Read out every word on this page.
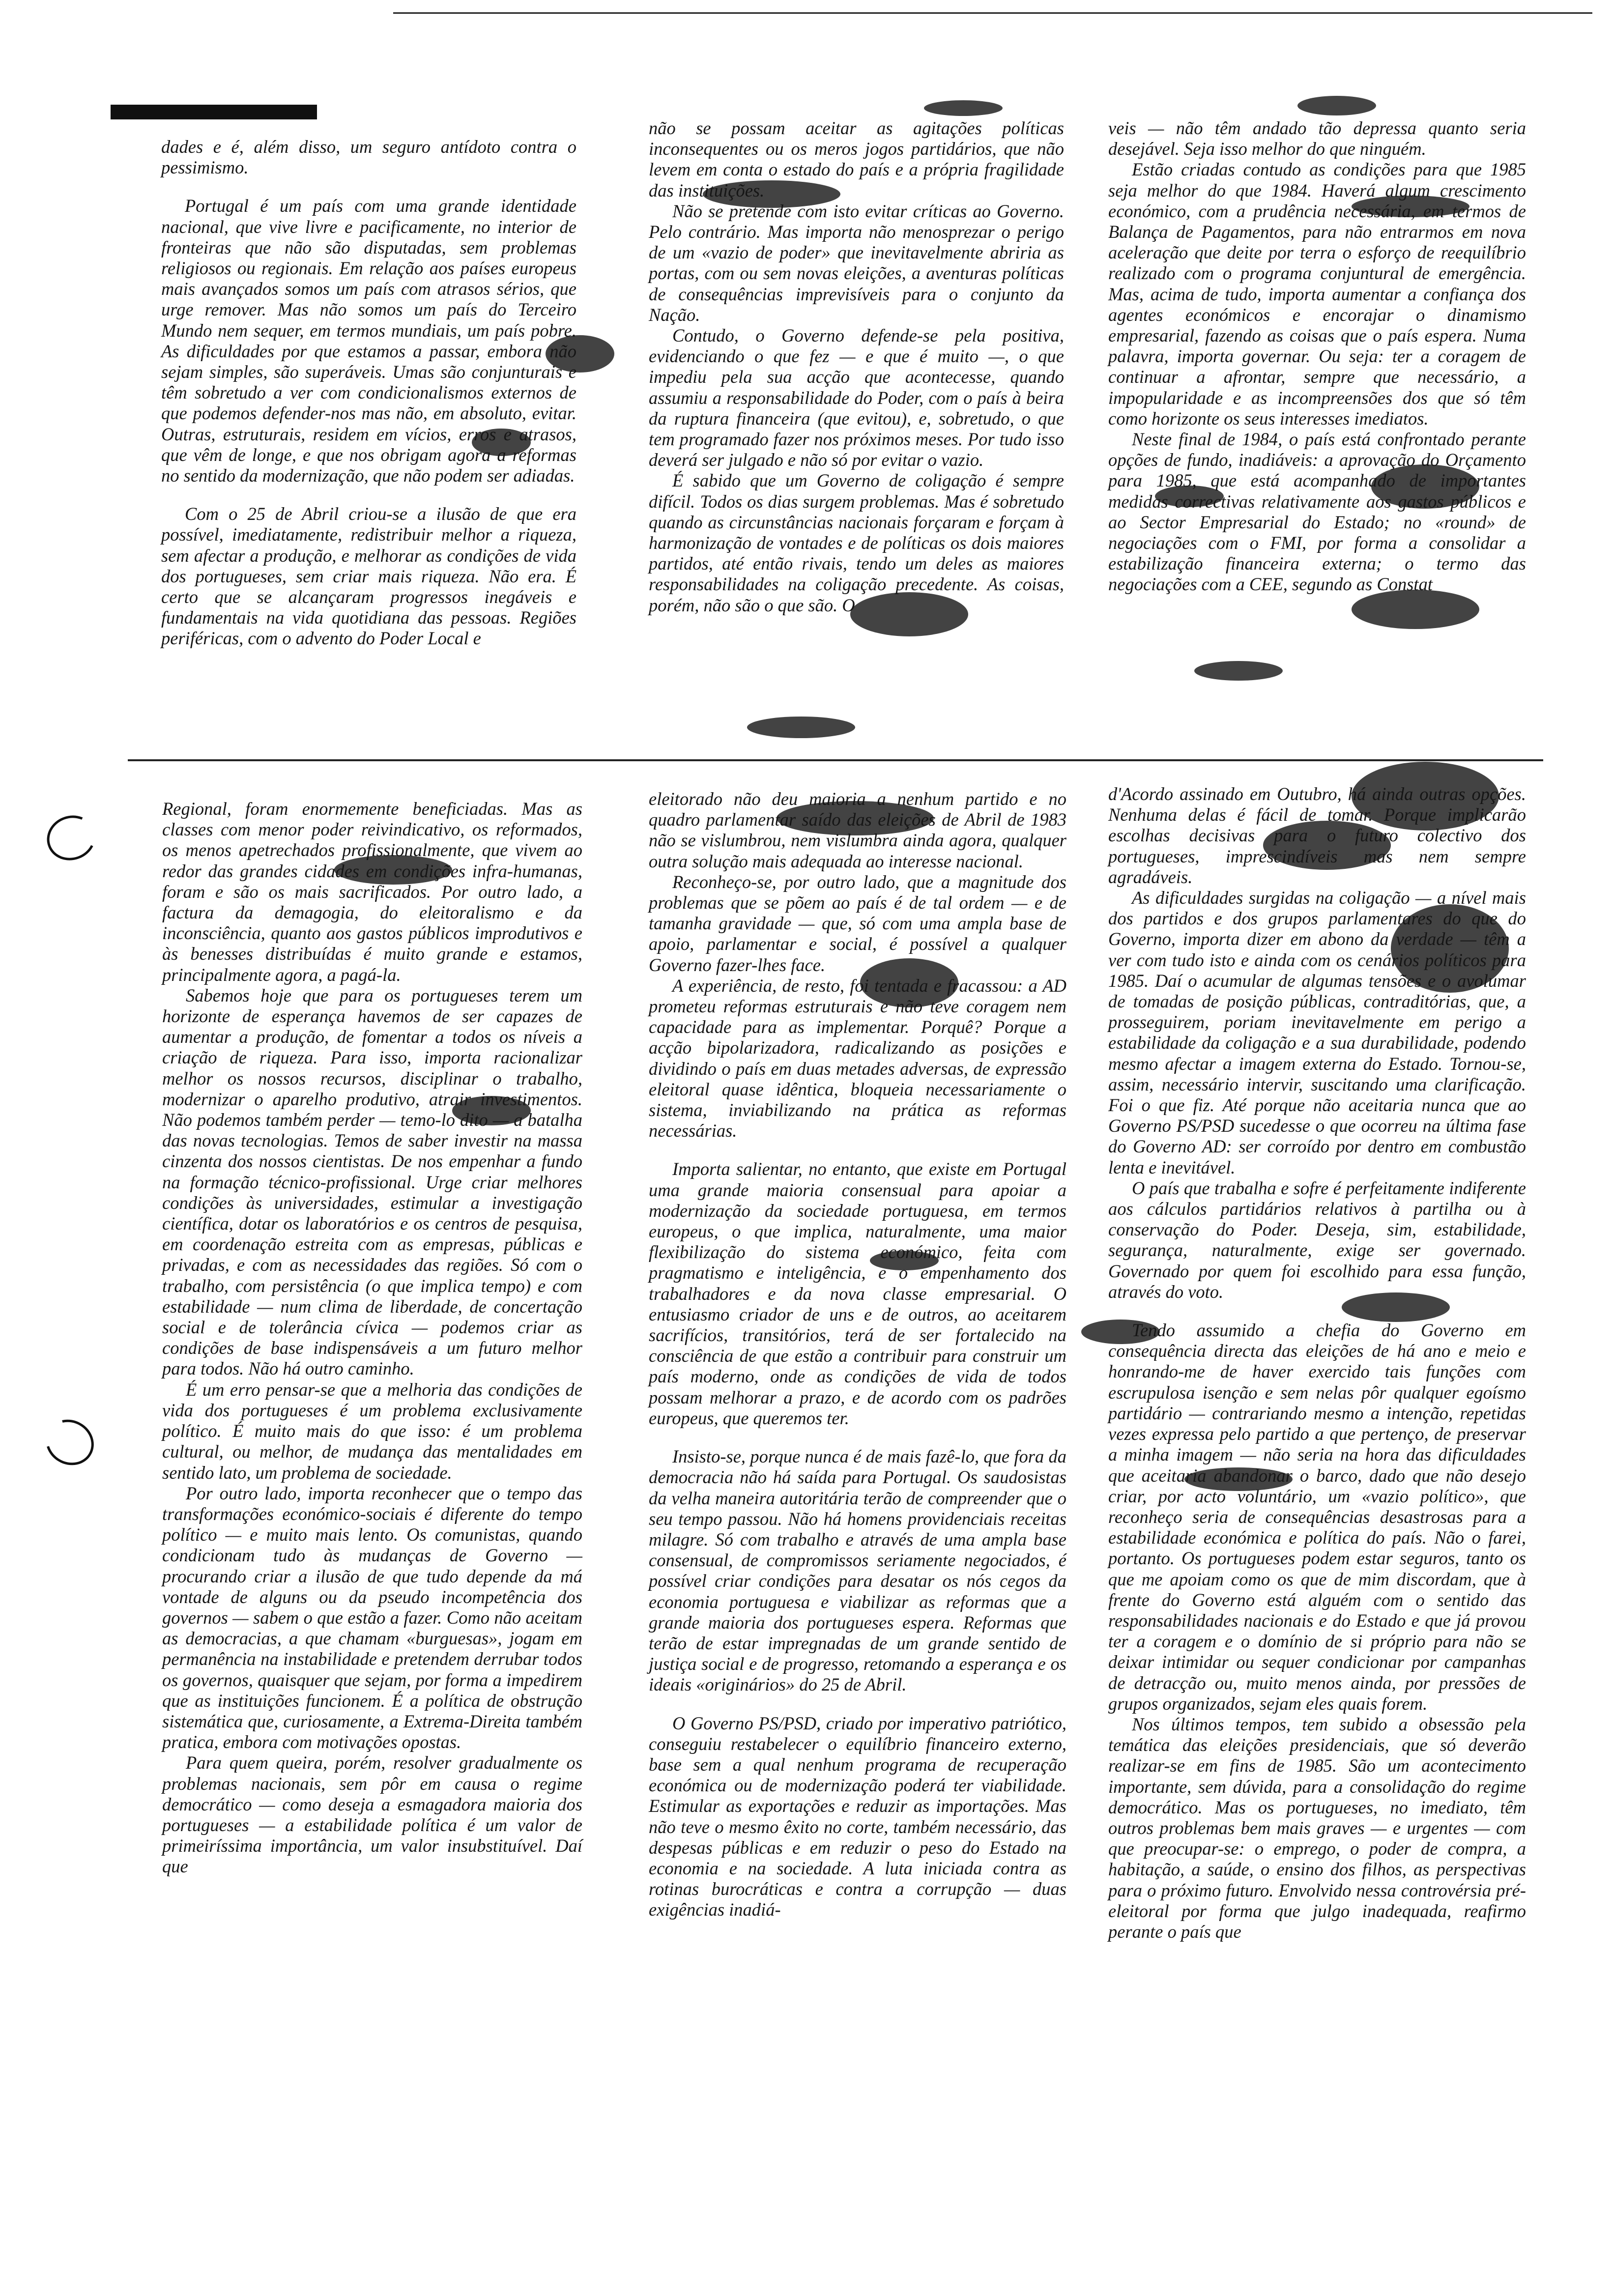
dades e é, além disso, um seguro antídoto contra o pessimismo.

Portugal é um país com uma grande identidade nacional, que vive livre e pacificamente, no interior de fronteiras que não são disputadas, sem problemas religiosos ou regionais. Em relação aos países europeus mais avançados somos um país com atrasos sérios, que urge remover. Mas não somos um país do Terceiro Mundo nem sequer, em termos mundiais, um país pobre. As dificuldades por que estamos a passar, embora não sejam simples, são superáveis. Umas são conjunturais e têm sobretudo a ver com condicionalismos externos de que podemos defender-nos mas não, em absoluto, evitar. Outras, estruturais, residem em vícios, erros e atrasos, que vêm de longe, e que nos obrigam agora a reformas no sentido da modernização, que não podem ser adiadas.

Com o 25 de Abril criou-se a ilusão de que era possível, imediatamente, redistribuir melhor a riqueza, sem afectar a produção, e melhorar as condições de vida dos portugueses, sem criar mais riqueza. Não era. É certo que se alcançaram progressos inegáveis e fundamentais na vida quotidiana das pessoas. Regiões periféricas, com o advento do Poder Local e

não se possam aceitar as agitações políticas inconsequentes ou os meros jogos partidários, que não levem em conta o estado do país e a própria fragilidade das instituições.

Não se pretende com isto evitar críticas ao Governo. Pelo contrário. Mas importa não menosprezar o perigo de um «vazio de poder» que inevitavelmente abriria as portas, com ou sem novas eleições, a aventuras políticas de consequências imprevisíveis para o conjunto da Nação.

Contudo, o Governo defende-se pela positiva, evidenciando o que fez — e que é muito —, o que impediu pela sua acção que acontecesse, quando assumiu a responsabilidade do Poder, com o país à beira da ruptura financeira (que evitou), e, sobretudo, o que tem programado fazer nos próximos meses. Por tudo isso deverá ser julgado e não só por evitar o vazio.

É sabido que um Governo de coligação é sempre difícil. Todos os dias surgem problemas. Mas é sobretudo quando as circunstâncias nacionais forçaram e forçam à harmonização de vontades e de políticas os dois maiores partidos, até então rivais, tendo um deles as maiores responsabilidades na coligação precedente. As coisas, porém, não são o que são. O

veis — não têm andado tão depressa quanto seria desejável. Seja isso melhor do que ninguém.

Estão criadas contudo as condições para que 1985 seja melhor do que 1984. Haverá algum crescimento económico, com a prudência necessária, em termos de Balança de Pagamentos, para não entrarmos em nova aceleração que deite por terra o esforço de reequilíbrio realizado com o programa conjuntural de emergência. Mas, acima de tudo, importa aumentar a confiança dos agentes económicos e encorajar o dinamismo empresarial, fazendo as coisas que o país espera. Numa palavra, importa governar. Ou seja: ter a coragem de continuar a afrontar, sempre que necessário, a impopularidade e as incompreensões dos que só têm como horizonte os seus interesses imediatos.

Neste final de 1984, o país está confrontado perante opções de fundo, inadiáveis: a aprovação do Orçamento para 1985, que está acompanhado de importantes medidas correctivas relativamente aos gastos públicos e ao Sector Empresarial do Estado; no «round» de negociações com o FMI, por forma a consolidar a estabilização financeira externa; o termo das negociações com a CEE, segundo as Constat

Regional, foram enormemente beneficiadas. Mas as classes com menor poder reivindicativo, os reformados, os menos apetrechados profissionalmente, que vivem ao redor das grandes cidades em condições infra-humanas, foram e são os mais sacrificados. Por outro lado, a factura da demagogia, do eleitoralismo e da inconsciência, quanto aos gastos públicos improdutivos e às benesses distribuídas é muito grande e estamos, principalmente agora, a pagá-la.

Sabemos hoje que para os portugueses terem um horizonte de esperança havemos de ser capazes de aumentar a produção, de fomentar a todos os níveis a criação de riqueza. Para isso, importa racionalizar melhor os nossos recursos, disciplinar o trabalho, modernizar o aparelho produtivo, atrair investimentos. Não podemos também perder — temo-lo dito — a batalha das novas tecnologias. Temos de saber investir na massa cinzenta dos nossos cientistas. De nos empenhar a fundo na formação técnico-profissional. Urge criar melhores condições às universidades, estimular a investigação científica, dotar os laboratórios e os centros de pesquisa, em coordenação estreita com as empresas, públicas e privadas, e com as necessidades das regiões. Só com o trabalho, com persistência (o que implica tempo) e com estabilidade — num clima de liberdade, de concertação social e de tolerância cívica — podemos criar as condições de base indispensáveis a um futuro melhor para todos. Não há outro caminho.

É um erro pensar-se que a melhoria das condições de vida dos portugueses é um problema exclusivamente político. É muito mais do que isso: é um problema cultural, ou melhor, de mudança das mentalidades em sentido lato, um problema de sociedade.

Por outro lado, importa reconhecer que o tempo das transformações económico-sociais é diferente do tempo político — e muito mais lento. Os comunistas, quando condicionam tudo às mudanças de Governo — procurando criar a ilusão de que tudo depende da má vontade de alguns ou da pseudo incompetência dos governos — sabem o que estão a fazer. Como não aceitam as democracias, a que chamam «burguesas», jogam em permanência na instabilidade e pretendem derrubar todos os governos, quaisquer que sejam, por forma a impedirem que as instituições funcionem. É a política de obstrução sistemática que, curiosamente, a Extrema-Direita também pratica, embora com motivações opostas.

Para quem queira, porém, resolver gradualmente os problemas nacionais, sem pôr em causa o regime democrático — como deseja a esmagadora maioria dos portugueses — a estabilidade política é um valor de primeiríssima importância, um valor insubstituível. Daí que

eleitorado não deu maioria a nenhum partido e no quadro parlamentar saído das eleições de Abril de 1983 não se vislumbrou, nem vislumbra ainda agora, qualquer outra solução mais adequada ao interesse nacional.

Reconheço-se, por outro lado, que a magnitude dos problemas que se põem ao país é de tal ordem — e de tamanha gravidade — que, só com uma ampla base de apoio, parlamentar e social, é possível a qualquer Governo fazer-lhes face.

A experiência, de resto, foi tentada e fracassou: a AD prometeu reformas estruturais e não teve coragem nem capacidade para as implementar. Porquê? Porque a acção bipolarizadora, radicalizando as posições e dividindo o país em duas metades adversas, de expressão eleitoral quase idêntica, bloqueia necessariamente o sistema, inviabilizando na prática as reformas necessárias.

Importa salientar, no entanto, que existe em Portugal uma grande maioria consensual para apoiar a modernização da sociedade portuguesa, em termos europeus, o que implica, naturalmente, uma maior flexibilização do sistema económico, feita com pragmatismo e inteligência, e o empenhamento dos trabalhadores e da nova classe empresarial. O entusiasmo criador de uns e de outros, ao aceitarem sacrifícios, transitórios, terá de ser fortalecido na consciência de que estão a contribuir para construir um país moderno, onde as condições de vida de todos possam melhorar a prazo, e de acordo com os padrões europeus, que queremos ter.

Insisto-se, porque nunca é de mais fazê-lo, que fora da democracia não há saída para Portugal. Os saudosistas da velha maneira autoritária terão de compreender que o seu tempo passou. Não há homens providenciais receitas milagre. Só com trabalho e através de uma ampla base consensual, de compromissos seriamente negociados, é possível criar condições para desatar os nós cegos da economia portuguesa e viabilizar as reformas que a grande maioria dos portugueses espera. Reformas que terão de estar impregnadas de um grande sentido de justiça social e de progresso, retomando a esperança e os ideais «originários» do 25 de Abril.

O Governo PS/PSD, criado por imperativo patriótico, conseguiu restabelecer o equilíbrio financeiro externo, base sem a qual nenhum programa de recuperação económica ou de modernização poderá ter viabilidade. Estimular as exportações e reduzir as importações. Mas não teve o mesmo êxito no corte, também necessário, das despesas públicas e em reduzir o peso do Estado na economia e na sociedade. A luta iniciada contra as rotinas burocráticas e contra a corrupção — duas exigências inadiá-

d'Acordo assinado em Outubro, há ainda outras opções. Nenhuma delas é fácil de tomar. Porque implicarão escolhas decisivas para o futuro colectivo dos portugueses, imprescindíveis mas nem sempre agradáveis.

As dificuldades surgidas na coligação — a nível mais dos partidos e dos grupos parlamentares do que do Governo, importa dizer em abono da verdade — têm a ver com tudo isto e ainda com os cenários políticos para 1985. Daí o acumular de algumas tensões e o avolumar de tomadas de posição públicas, contraditórias, que, a prosseguirem, poriam inevitavelmente em perigo a estabilidade da coligação e a sua durabilidade, podendo mesmo afectar a imagem externa do Estado. Tornou-se, assim, necessário intervir, suscitando uma clarificação. Foi o que fiz. Até porque não aceitaria nunca que ao Governo PS/PSD sucedesse o que ocorreu na última fase do Governo AD: ser corroído por dentro em combustão lenta e inevitável.

O país que trabalha e sofre é perfeitamente indiferente aos cálculos partidários relativos à partilha ou à conservação do Poder. Deseja, sim, estabilidade, segurança, naturalmente, exige ser governado. Governado por quem foi escolhido para essa função, através do voto.

Tendo assumido a chefia do Governo em consequência directa das eleições de há ano e meio e honrando-me de haver exercido tais funções com escrupulosa isenção e sem nelas pôr qualquer egoísmo partidário — contrariando mesmo a intenção, repetidas vezes expressa pelo partido a que pertenço, de preservar a minha imagem — não seria na hora das dificuldades que aceitaria abandonar o barco, dado que não desejo criar, por acto voluntário, um «vazio político», que reconheço seria de consequências desastrosas para a estabilidade económica e política do país. Não o farei, portanto. Os portugueses podem estar seguros, tanto os que me apoiam como os que de mim discordam, que à frente do Governo está alguém com o sentido das responsabilidades nacionais e do Estado e que já provou ter a coragem e o domínio de si próprio para não se deixar intimidar ou sequer condicionar por campanhas de detracção ou, muito menos ainda, por pressões de grupos organizados, sejam eles quais forem.

Nos últimos tempos, tem subido a obsessão pela temática das eleições presidenciais, que só deverão realizar-se em fins de 1985. São um acontecimento importante, sem dúvida, para a consolidação do regime democrático. Mas os portugueses, no imediato, têm outros problemas bem mais graves — e urgentes — com que preocupar-se: o emprego, o poder de compra, a habitação, a saúde, o ensino dos filhos, as perspectivas para o próximo futuro. Envolvido nessa controvérsia pré-eleitoral por forma que julgo inadequada, reafirmo perante o país que
